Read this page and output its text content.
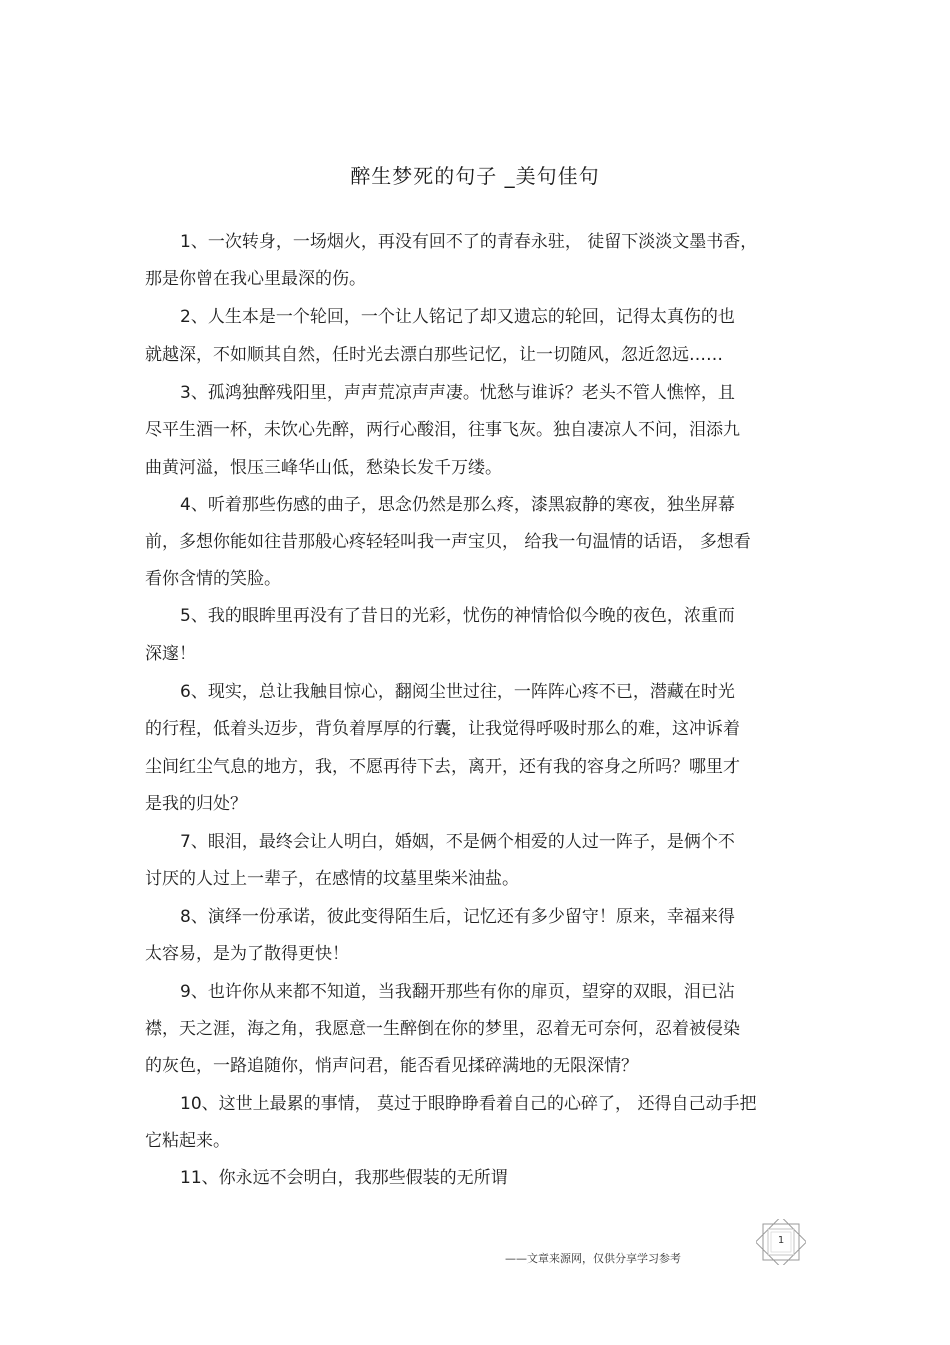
醉生梦死的句子 _美句佳句
1、一次转身，一场烟火，再没有回不了的青春永驻， 徒留下淡淡文墨书香，
那是你曾在我心里最深的伤。
2、人生本是一个轮回，一个让人铭记了却又遗忘的轮回，记得太真伤的也
就越深，不如顺其自然，任时光去漂白那些记忆，让一切随风，忽近忽远……
3、孤鸿独醉残阳里，声声荒凉声声凄。忧愁与谁诉？老头不管人憔悴，且
尽平生酒一杯，未饮心先醉，两行心酸泪，往事飞灰。独自凄凉人不问，泪添九
曲黄河溢，恨压三峰华山低，愁染长发千万缕。
4、听着那些伤感的曲子，思念仍然是那么疼，漆黑寂静的寒夜，独坐屏幕
前，多想你能如往昔那般心疼轻轻叫我一声宝贝， 给我一句温情的话语， 多想看
看你含情的笑脸。
5、我的眼眸里再没有了昔日的光彩，忧伤的神情恰似今晚的夜色，浓重而
深邃！
6、现实，总让我触目惊心，翻阅尘世过往，一阵阵心疼不已，潜藏在时光
的行程，低着头迈步，背负着厚厚的行囊，让我觉得呼吸时那么的难，这冲诉着
尘间红尘气息的地方，我，不愿再待下去，离开，还有我的容身之所吗？哪里才
是我的归处？
7、眼泪，最终会让人明白，婚姻，不是俩个相爱的人过一阵子，是俩个不
讨厌的人过上一辈子，在感情的坟墓里柴米油盐。
8、演绎一份承诺，彼此变得陌生后，记忆还有多少留守！原来，幸福来得
太容易，是为了散得更快！
9、也许你从来都不知道，当我翻开那些有你的扉页，望穿的双眼，泪已沾
襟，天之涯，海之角，我愿意一生醉倒在你的梦里，忍着无可奈何，忍着被侵染
的灰色，一路追随你，悄声问君，能否看见揉碎满地的无限深情？
10、这世上最累的事情， 莫过于眼睁睁看着自己的心碎了， 还得自己动手把
它粘起来。
11、你永远不会明白，我那些假装的无所谓
——文章来源网，仅供分享学习参考
1
